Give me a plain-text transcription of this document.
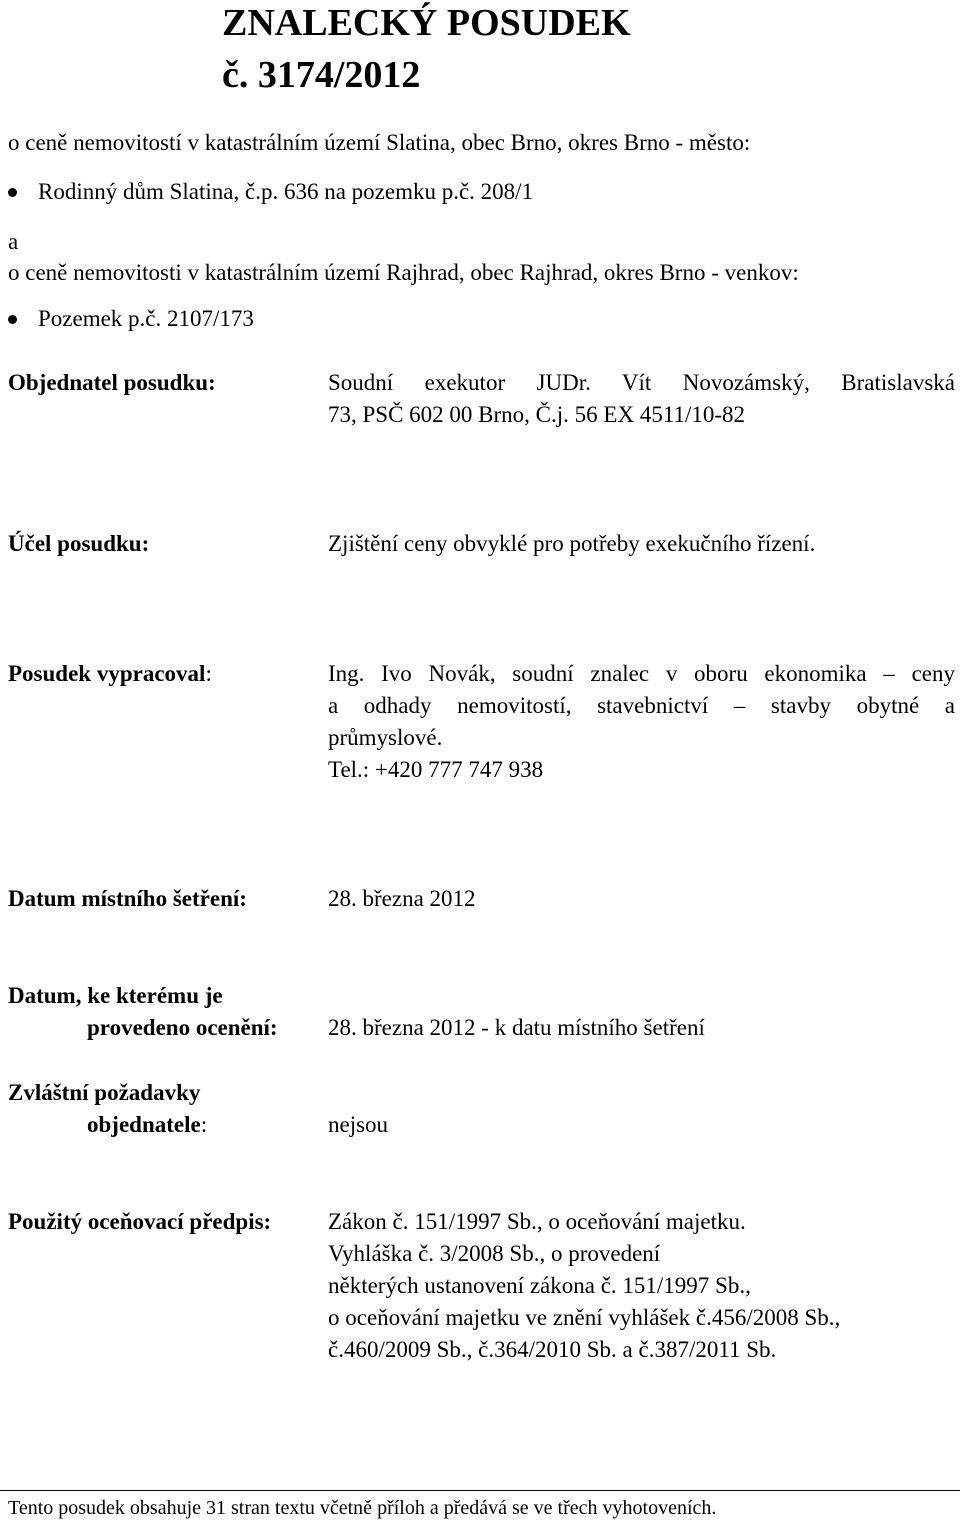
ZNALECKÝ POSUDEK
č. 3174/2012
o ceně nemovitostí v katastrálním území Slatina, obec Brno, okres Brno - město:
Rodinný dům Slatina, č.p. 636 na pozemku p.č. 208/1
a
o ceně nemovitosti v katastrálním území Rajhrad, obec Rajhrad, okres Brno - venkov:
Pozemek p.č. 2107/173
Objednatel posudku:	Soudní exekutor JUDr. Vít Novozámský, Bratislavská
73, PSČ 602 00 Brno, Č.j. 56 EX 4511/10-82
Účel posudku:	Zjištění ceny obvyklé pro potřeby exekučního řízení.
Posudek vypracoval:	Ing. Ivo Novák, soudní znalec v oboru ekonomika – ceny
a odhady nemovitostí, stavebnictví – stavby obytné a
průmyslové.
Tel.: +420 777 747 938
Datum místního šetření:	28. března 2012
Datum, ke kterému je
provedeno ocenění: 28. března 2012 - k datu místního šetření
Zvláštní požadavky
objednatele:	nejsou
Použitý oceňovací předpis: Zákon č. 151/1997 Sb., o oceňování majetku.
Vyhláška č. 3/2008 Sb., o provedení
některých ustanovení zákona č. 151/1997 Sb.,
o oceňování majetku ve znění vyhlášek č.456/2008 Sb.,
č.460/2009 Sb., č.364/2010 Sb. a č.387/2011 Sb.
Tento posudek obsahuje 31 stran textu včetně příloh a předává se ve třech vyhotoveních.
